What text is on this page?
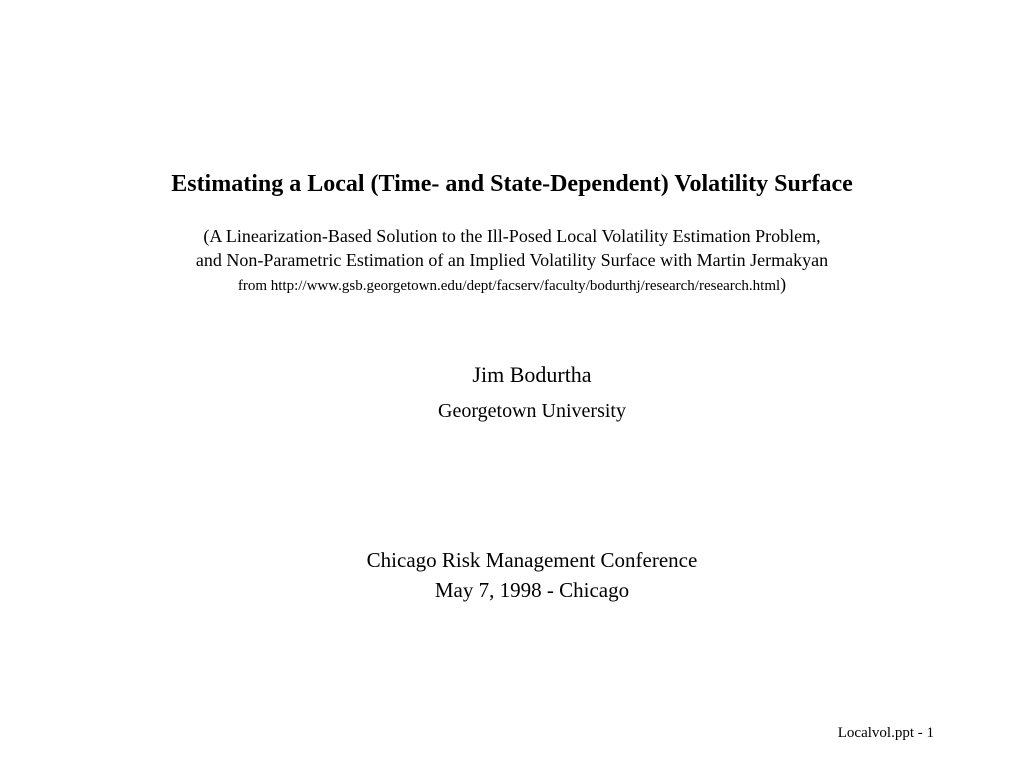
Estimating a Local (Time- and State-Dependent) Volatility Surface
(A Linearization-Based Solution to the Ill-Posed Local Volatility Estimation Problem,
and Non-Parametric Estimation of an Implied Volatility Surface with Martin Jermakyan
from http://www.gsb.georgetown.edu/dept/facserv/faculty/bodurthj/research/research.html)
Jim Bodurtha
Georgetown University
Chicago Risk Management Conference
May 7, 1998 - Chicago
Localvol.ppt - 1
